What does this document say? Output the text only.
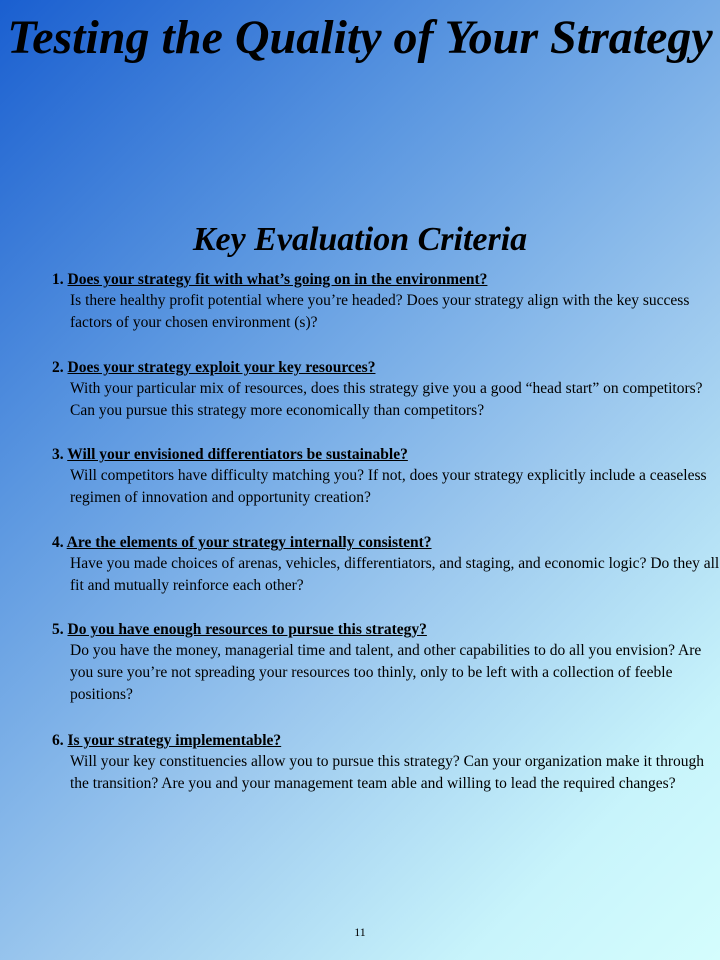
Testing the Quality of Your Strategy
Key Evaluation Criteria
1. Does your strategy fit with what’s going on in the environment?
Is there healthy profit potential where you’re headed? Does your strategy align with the key success factors of your chosen environment (s)?
2. Does your strategy exploit your key resources?
With your particular mix of resources, does this strategy give you a good “head start” on competitors? Can you pursue this strategy more economically than competitors?
3. Will your envisioned differentiators be sustainable?
Will competitors have difficulty matching you? If not, does your strategy explicitly include a ceaseless regimen of innovation and opportunity creation?
4. Are the elements of your strategy internally consistent?
Have you made choices of arenas, vehicles, differentiators, and staging, and economic logic? Do they all fit and mutually reinforce each other?
5. Do you have enough resources to pursue this strategy?
Do you have the money, managerial time and talent, and other capabilities to do all you envision? Are you sure you’re not spreading your resources too thinly, only to be left with a collection of feeble positions?
6. Is your strategy implementable?
Will your key constituencies allow you to pursue this strategy? Can your organization make it through the transition? Are you and your management team able and willing to lead the required changes?
11
